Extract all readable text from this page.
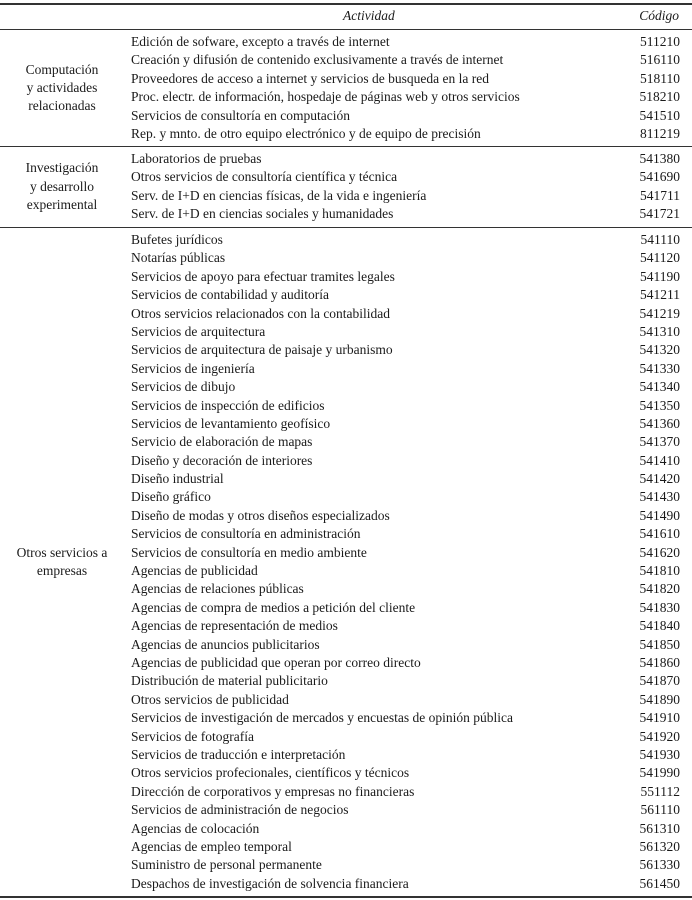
Actividad	Código
Computación
y actividades
relacionadas
Edición de sofware, excepto a través de internet	511210
Creación y difusión de contenido exclusivamente a través de internet	516110
Proveedores de acceso a internet y servicios de busqueda en la red	518110
Proc. electr. de información, hospedaje de páginas web y otros servicios	518210
Servicios de consultoría en computación	541510
Rep. y mnto. de otro equipo electrónico y de equipo de precisión	811219
Investigación
y desarrollo
experimental
Laboratorios de pruebas	541380
Otros servicios de consultoría científica y técnica	541690
Serv. de I+D en ciencias físicas, de la vida e ingeniería	541711
Serv. de I+D en ciencias sociales y humanidades	541721
Otros servicios a
empresas
Bufetes jurídicos	541110
Notarías públicas	541120
Servicios de apoyo para efectuar tramites legales	541190
Servicios de contabilidad y auditoría	541211
Otros servicios relacionados con la contabilidad	541219
Servicios de arquitectura	541310
Servicios de arquitectura de paisaje y urbanismo	541320
Servicios de ingeniería	541330
Servicios de dibujo	541340
Servicios de inspección de edificios	541350
Servicios de levantamiento geofísico	541360
Servicio de elaboración de mapas	541370
Diseño y decoración de interiores	541410
Diseño industrial	541420
Diseño gráfico	541430
Diseño de modas y otros diseños especializados	541490
Servicios de consultoría en administración	541610
Servicios de consultoría en medio ambiente	541620
Agencias de publicidad	541810
Agencias de relaciones públicas	541820
Agencias de compra de medios a petición del cliente	541830
Agencias de representación de medios	541840
Agencias de anuncios publicitarios	541850
Agencias de publicidad que operan por correo directo	541860
Distribución de material publicitario	541870
Otros servicios de publicidad	541890
Servicios de investigación de mercados y encuestas de opinión pública	541910
Servicios de fotografía	541920
Servicios de traducción e interpretación	541930
Otros servicios profecionales, científicos y técnicos	541990
Dirección de corporativos y empresas no financieras	551112
Servicios de administración de negocios	561110
Agencias de colocación	561310
Agencias de empleo temporal	561320
Suministro de personal permanente	561330
Despachos de investigación de solvencia financiera	561450
